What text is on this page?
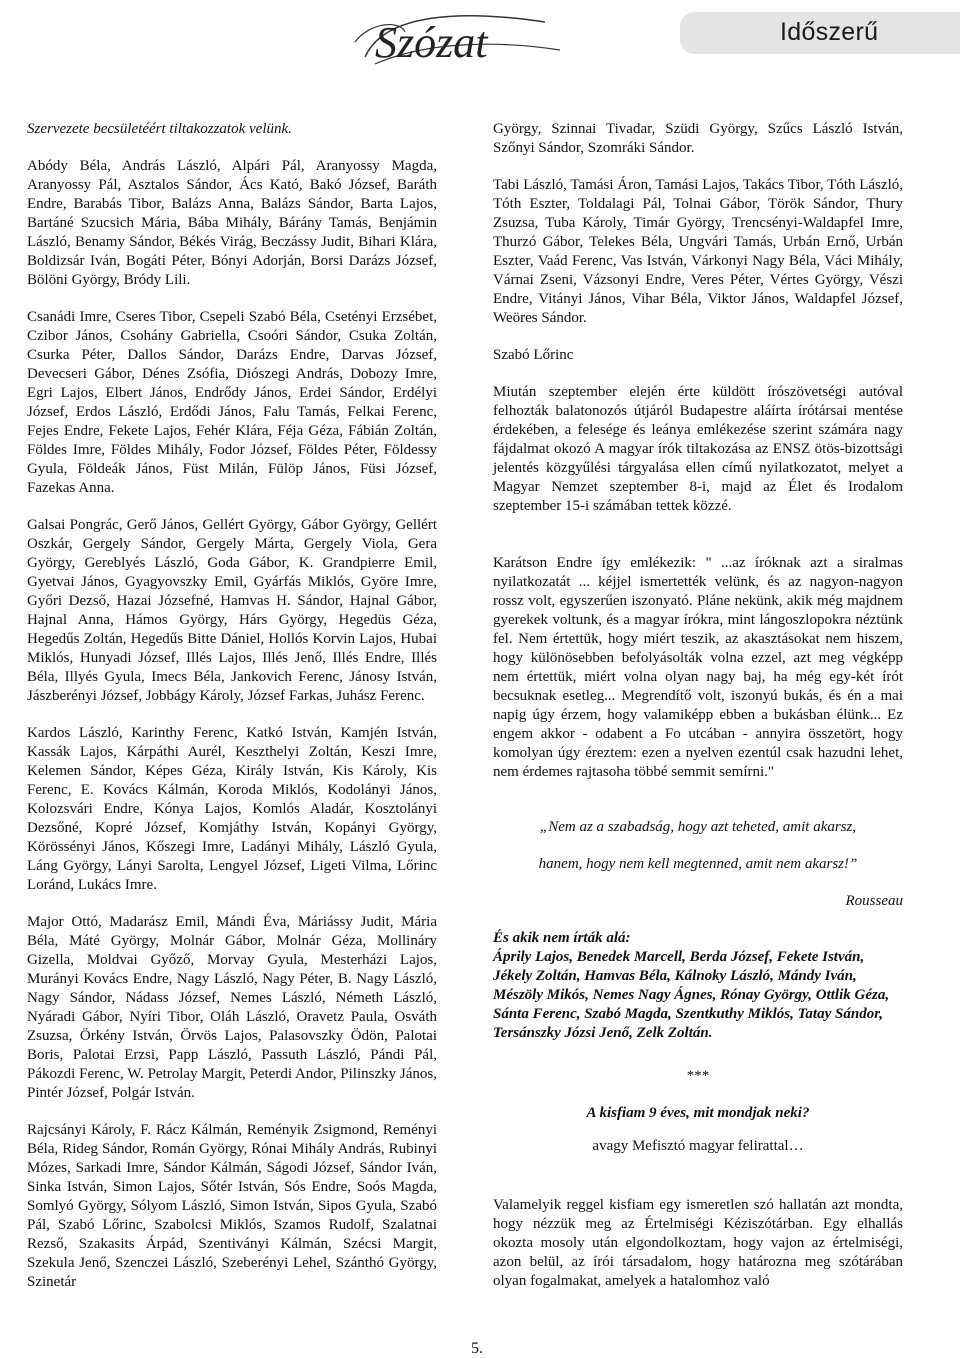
Szózat	Időszerű

Szervezete becsületéért tiltakozzatok velünk.

Abódy Béla, András László, Alpári Pál, Aranyossy Magda, Aranyossy Pál, Asztalos Sándor, Ács Kató, Bakó József, Baráth Endre, Barabás Tibor, Balázs Anna, Balázs Sándor, Barta Lajos, Bartáné Szucsich Mária, Bába Mihály, Bárány Tamás, Benjámin László, Benamy Sándor, Békés Virág, Beczássy Judit, Bihari Klára, Boldizsár Iván, Bogáti Péter, Bónyi Adorján, Borsi Darázs József, Bölöni György, Bródy Lili.

Csanádi Imre, Cseres Tibor, Csepeli Szabó Béla, Csetényi Erzsébet, Czibor János, Csohány Gabriella, Csoóri Sándor, Csuka Zoltán, Csurka Péter, Dallos Sándor, Darázs Endre, Darvas József, Devecseri Gábor, Dénes Zsófia, Diószegi András, Dobozy Imre, Egri Lajos, Elbert János, Endrődy János, Erdei Sándor, Erdélyi József, Erdos László, Erdődi János, Falu Tamás, Felkai Ferenc, Fejes Endre, Fekete Lajos, Fehér Klára, Féja Géza, Fábián Zoltán, Földes Imre, Földes Mihály, Fodor József, Földes Péter, Földessy Gyula, Földeák János, Füst Milán, Fülöp János, Füsi József, Fazekas Anna.

Galsai Pongrác, Gerő János, Gellért György, Gábor György, Gellért Oszkár, Gergely Sándor, Gergely Márta, Gergely Viola, Gera György, Gereblyés László, Goda Gábor, K. Grandpierre Emil, Gyetvai János, Gyagyovszky Emil, Gyárfás Miklós, Györe Imre, Győri Dezső, Hazai Józsefné, Hamvas H. Sándor, Hajnal Gábor, Hajnal Anna, Hámos György, Hárs György, Hegedüs Géza, Hegedűs Zoltán, Hegedűs Bitte Dániel, Hollós Korvin Lajos, Hubai Miklós, Hunyadi József, Illés Lajos, Illés Jenő, Illés Endre, Illés Béla, Illyés Gyula, Imecs Béla, Jankovich Ferenc, Jánosy István, Jászberényi József, Jobbágy Károly, József Farkas, Juhász Ferenc.

Kardos László, Karinthy Ferenc, Katkó István, Kamjén István, Kassák Lajos, Kárpáthi Aurél, Keszthelyi Zoltán, Keszi Imre, Kelemen Sándor, Képes Géza, Király István, Kis Károly, Kis Ferenc, E. Kovács Kálmán, Koroda Miklós, Kodolányi János, Kolozsvári Endre, Kónya Lajos, Komlós Aladár, Kosztolányi Dezsőné, Kopré József, Komjáthy István, Kopányi György, Körössényi János, Kőszegi Imre, Ladányi Mihály, László Gyula, Láng György, Lányi Sarolta, Lengyel József, Ligeti Vilma, Lőrinc Loránd, Lukács Imre.

Major Ottó, Madarász Emil, Mándi Éva, Máriássy Judit, Mária Béla, Máté György, Molnár Gábor, Molnár Géza, Mollináry Gizella, Moldvai Győző, Morvay Gyula, Mesterházi Lajos, Murányi Kovács Endre, Nagy László, Nagy Péter, B. Nagy László, Nagy Sándor, Nádass József, Nemes László, Németh László, Nyáradi Gábor, Nyíri Tibor, Oláh László, Oravetz Paula, Osváth Zsuzsa, Örkény István, Örvös Lajos, Palasovszky Ödön, Palotai Boris, Palotai Erzsi, Papp László, Passuth László, Pándi Pál, Pákozdi Ferenc, W. Petrolay Margit, Peterdi Andor, Pilinszky János, Pintér József, Polgár István.

Rajcsányi Károly, F. Rácz Kálmán, Reményik Zsigmond, Reményi Béla, Rideg Sándor, Román György, Rónai Mihály András, Rubinyi Mózes, Sarkadi Imre, Sándor Kálmán, Ságodi József, Sándor Iván, Sinka István, Simon Lajos, Sőtér István, Sós Endre, Soós Magda, Somlyó György, Sólyom László, Simon István, Sipos Gyula, Szabó Pál, Szabó Lőrinc, Szabolcsi Miklós, Szamos Rudolf, Szalatnai Rezső, Szakasits Árpád, Szentiványi Kálmán, Szécsi Margit, Szekula Jenő, Szenczei László, Szeberényi Lehel, Szánthó György, Szinetár

György, Szinnai Tivadar, Szüdi György, Szűcs László István, Szőnyi Sándor, Szomráki Sándor.

Tabi László, Tamási Áron, Tamási Lajos, Takács Tibor, Tóth László, Tóth Eszter, Toldalagi Pál, Tolnai Gábor, Török Sándor, Thury Zsuzsa, Tuba Károly, Timár György, Trencsényi-Waldapfel Imre, Thurzó Gábor, Telekes Béla, Ungvári Tamás, Urbán Ernő, Urbán Eszter, Vaád Ferenc, Vas István, Várkonyi Nagy Béla, Váci Mihály, Várnai Zseni, Vázsonyi Endre, Veres Péter, Vértes György, Vészi Endre, Vitányi János, Vihar Béla, Viktor János, Waldapfel József, Weöres Sándor.

Szabó Lőrinc

Miután szeptember elején érte küldött írószövetségi autóval felhozták balatonozós útjáról Budapestre aláírta írótársai mentése érdekében, a felesége és leánya emlékezése szerint számára nagy fájdalmat okozó A magyar írók tiltakozása az ENSZ ötös-bizottsági jelentés közgyűlési tárgyalása ellen című nyilatkozatot, melyet a Magyar Nemzet szeptember 8-i, majd az Élet és Irodalom szeptember 15-i számában tettek közzé.

Karátson Endre így emlékezik: " ...az íróknak azt a siralmas nyilatkozatát ... kéjjel ismertették velünk, és az nagyon-nagyon rossz volt, egyszerűen iszonyató. Pláne nekünk, akik még majdnem gyerekek voltunk, és a magyar írókra, mint lángoszlopokra néztünk fel. Nem értettük, hogy miért teszik, az akasztásokat nem hiszem, hogy különösebben befolyásolták volna ezzel, azt meg végképp nem értettük, miért volna olyan nagy baj, ha még egy-két írót becsuknak esetleg... Megrendítő volt, iszonyú bukás, és én a mai napig úgy érzem, hogy valamiképp ebben a bukásban élünk... Ez engem akkor - odabent a Fo utcában - annyira összetört, hogy komolyan úgy éreztem: ezen a nyelven ezentúl csak hazudni lehet, nem érdemes rajtasoha többé semmit semírni."

„Nem az a szabadság, hogy azt teheted, amit akarsz,

hanem, hogy nem kell megtenned, amit nem akarsz!”

Rousseau

És akik nem írták alá:

Áprily Lajos, Benedek Marcell, Berda József, Fekete István, Jékely Zoltán, Hamvas Béla, Kálnoky László, Mándy Iván, Mészöly Mikós, Nemes Nagy Ágnes, Rónay György, Ottlik Géza, Sánta Ferenc, Szabó Magda, Szentkuthy Miklós, Tatay Sándor, Tersánszky Józsi Jenő, Zelk Zoltán.

***

A kisfiam 9 éves, mit mondjak neki?

avagy Mefisztó magyar felirattal…

Valamelyik reggel kisfiam egy ismeretlen szó hallatán azt mondta, hogy nézzük meg az Értelmiségi Kéziszótárban. Egy elhallás okozta mosoly után elgondolkoztam, hogy vajon az értelmiségi, azon belül, az írói társadalom, hogy határozna meg szótárában olyan fogalmakat, amelyek a hatalomhoz való

5.
